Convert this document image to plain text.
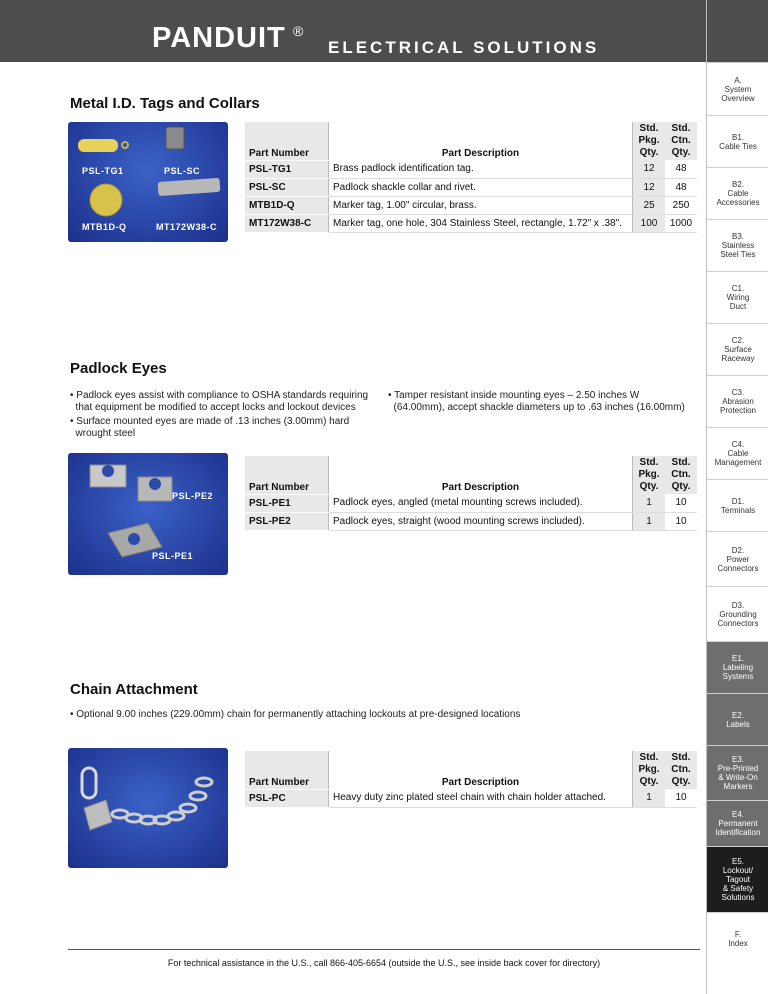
PANDUIT ®
ELECTRICAL SOLUTIONS
A.
System
Overview
B1.
Cable Ties
B2.
Cable
Accessories
B3.
Stainless
Steel Ties
C1.
Wiring
Duct
C2.
Surface
Raceway
C3.
Abrasion
Protection
C4.
Cable
Management
D1.
Terminals
D2.
Power
Connectors
D3.
Grounding
Connectors
E1.
Labeling
Systems
E2.
Labels
E3.
Pre-Printed
& Write-On
Markers
E4.
Permanent
Identification
E5.
Lockout/
Tagout
& Safety
Solutions
F.
Index
Metal I.D. Tags and Collars
PSL-TG1	PSL-SC
MTB1D-Q	MT172W38-C
Part Number	Part Description	Std.
Pkg.
Qty.	Std.
Ctn.
Qty.
PSL-TG1	Brass padlock identification tag.	12	48
PSL-SC	Padlock shackle collar and rivet.	12	48
MTB1D-Q	Marker tag, 1.00" circular, brass.	25	250
MT172W38-C	Marker tag, one hole, 304 Stainless Steel, rectangle, 1.72" x .38".	100	1000
Padlock Eyes
• Padlock eyes assist with compliance to OSHA standards requiring
that equipment be modified to accept locks and lockout devices
• Surface mounted eyes are made of .13 inches (3.00mm) hard
wrought steel
• Tamper resistant inside mounting eyes – 2.50 inches W
(64.00mm), accept shackle diameters up to .63 inches (16.00mm)
PSL-PE2
PSL-PE1
Part Number	Part Description	Std.
Pkg.
Qty.	Std.
Ctn.
Qty.
PSL-PE1	Padlock eyes, angled (metal mounting screws included).	1	10
PSL-PE2	Padlock eyes, straight (wood mounting screws included).	1	10
Chain Attachment
• Optional 9.00 inches (229.00mm) chain for permanently attaching lockouts at pre-designed locations
Part Number	Part Description	Std.
Pkg.
Qty.	Std.
Ctn.
Qty.
PSL-PC	Heavy duty zinc plated steel chain with chain holder attached.	1	10
For technical assistance in the U.S., call 866-405-6654 (outside the U.S., see inside back cover for directory)
